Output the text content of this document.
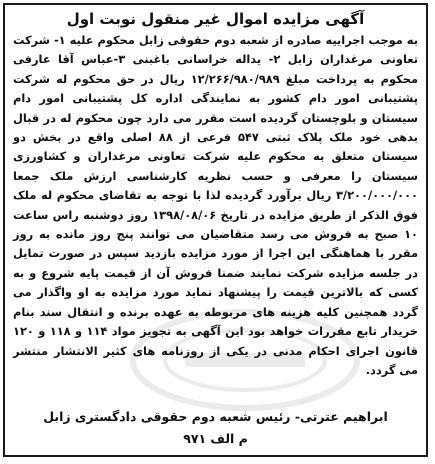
آگهی مزایده اموال غیر منقول نوبت اول
به موجب اجراییه صادره از شعبه دوم حقوقی زابل محکوم علیه ۱- شرکت تعاونی مرغداران زابل ۲- یداله خراسانی باغبنی ۳-عباس آقا عارفی محکوم به پرداخت مبلغ ۱۲/۲۶۶/۹۸۰/۹۸۹ ریال در حق محکوم له شرکت پشتیبانی امور دام کشور به نمایندگی اداره کل پشتیبانی امور دام سیستان و بلوچستان گردیده است مقرر می دارد چون محکوم له در قبال بدهی خود ملک پلاک ثبتی ۵۴۷ فرعی از ۸۸ اصلی واقع در بخش دو سیستان متعلق به محکوم علیه شرکت تعاونی مرغداران و کشاورزی سیستان را معرفی و حسب نظریه کارشناسی ارزش ملک جمعا ۳/۲۰۰/۰۰۰/۰۰۰ ریال برآورد گردیده لذا با توجه به تقاضای محکوم له ملک فوق الذکر از طریق مزایده در تاریخ ۱۳۹۸/۰۸/۰۶ روز دوشنبه راس ساعت ۱۰ صبح به فروش می رسد متقاضیان می توانند پنج روز مانده به روز مقرر با هماهنگی این اجرا از مورد مزایده بازدید سپس در صورت تمایل در جلسه مزایده شرکت نمایند ضمنا فروش آن از قیمت پایه شروع و به کسی که بالاترین قیمت را پیشنهاد نماید مورد مزایده به او واگذار می گردد همچنین کلیه هزینه های مربوطه به عهده برنده و انتقال سند بنام خریدار تابع مقررات خواهد بود این آگهی به تجویز مواد ۱۱۴ و ۱۱۸ و ۱۲۰ قانون اجرای احکام مدنی در یکی از روزنامه های کثیر الانتشار منتشر می گردد.
ابراهیم عترتی- رئیس شعبه دوم حقوقی دادگستری زابل
م الف ۹۷۱
